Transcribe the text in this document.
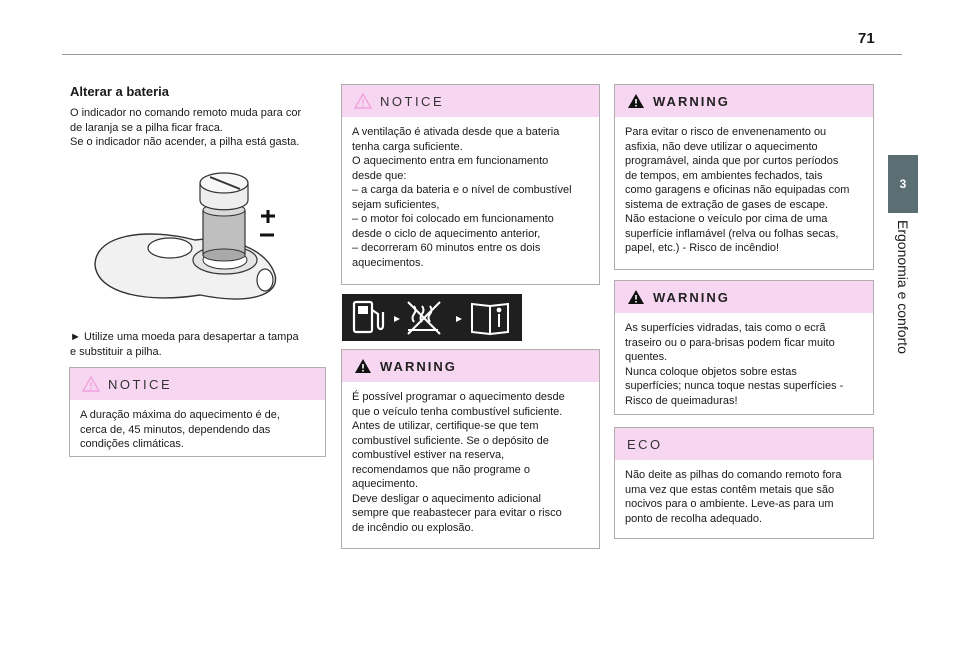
71
3
Ergonomia e conforto
Alterar a bateria
O indicador no comando remoto muda para cor
de laranja se a pilha ficar fraca.
Se o indicador não acender, a pilha está gasta.
► Utilize uma moeda para desapertar a tampa
e substituir a pilha.
NOTICE
A duração máxima do aquecimento é de,
cerca de, 45 minutos, dependendo das
condições climáticas.
NOTICE
A ventilação é ativada desde que a bateria
tenha carga suficiente.
O aquecimento entra em funcionamento
desde que:
– a carga da bateria e o nível de combustível
sejam suficientes,
– o motor foi colocado em funcionamento
desde o ciclo de aquecimento anterior,
– decorreram 60 minutos entre os dois
aquecimentos.
WARNING
É possível programar o aquecimento desde
que o veículo tenha combustível suficiente.
Antes de utilizar, certifique-se que tem
combustível suficiente. Se o depósito de
combustível estiver na reserva,
recomendamos que não programe o
aquecimento.
Deve desligar o aquecimento adicional
sempre que reabastecer para evitar o risco
de incêndio ou explosão.
WARNING
Para evitar o risco de envenenamento ou
asfixia, não deve utilizar o aquecimento
programável, ainda que por curtos períodos
de tempos, em ambientes fechados, tais
como garagens e oficinas não equipadas com
sistema de extração de gases de escape.
Não estacione o veículo por cima de uma
superfície inflamável (relva ou folhas secas,
papel, etc.) - Risco de incêndio!
WARNING
As superfícies vidradas, tais como o ecrã
traseiro ou o para-brisas podem ficar muito
quentes.
Nunca coloque objetos sobre estas
superfícies; nunca toque nestas superfícies -
Risco de queimaduras!
ECO
Não deite as pilhas do comando remoto fora
uma vez que estas contêm metais que são
nocivos para o ambiente. Leve-as para um
ponto de recolha adequado.
